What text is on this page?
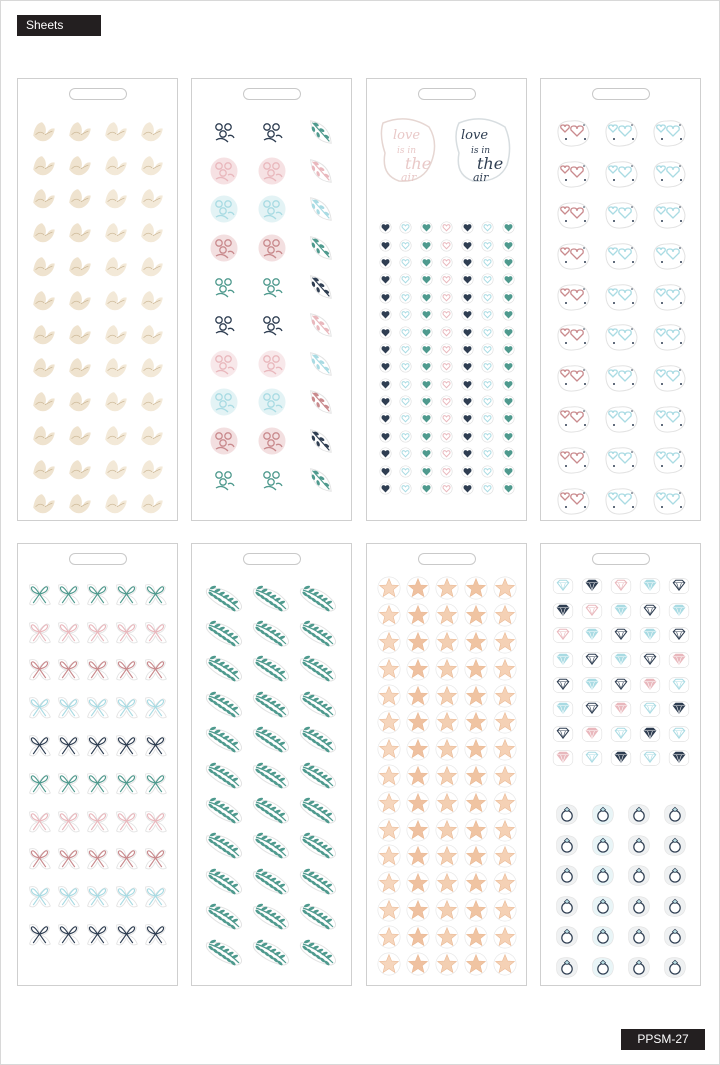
Sheets
PPSM-27
love
is in
the
air
love
is in
the
air
